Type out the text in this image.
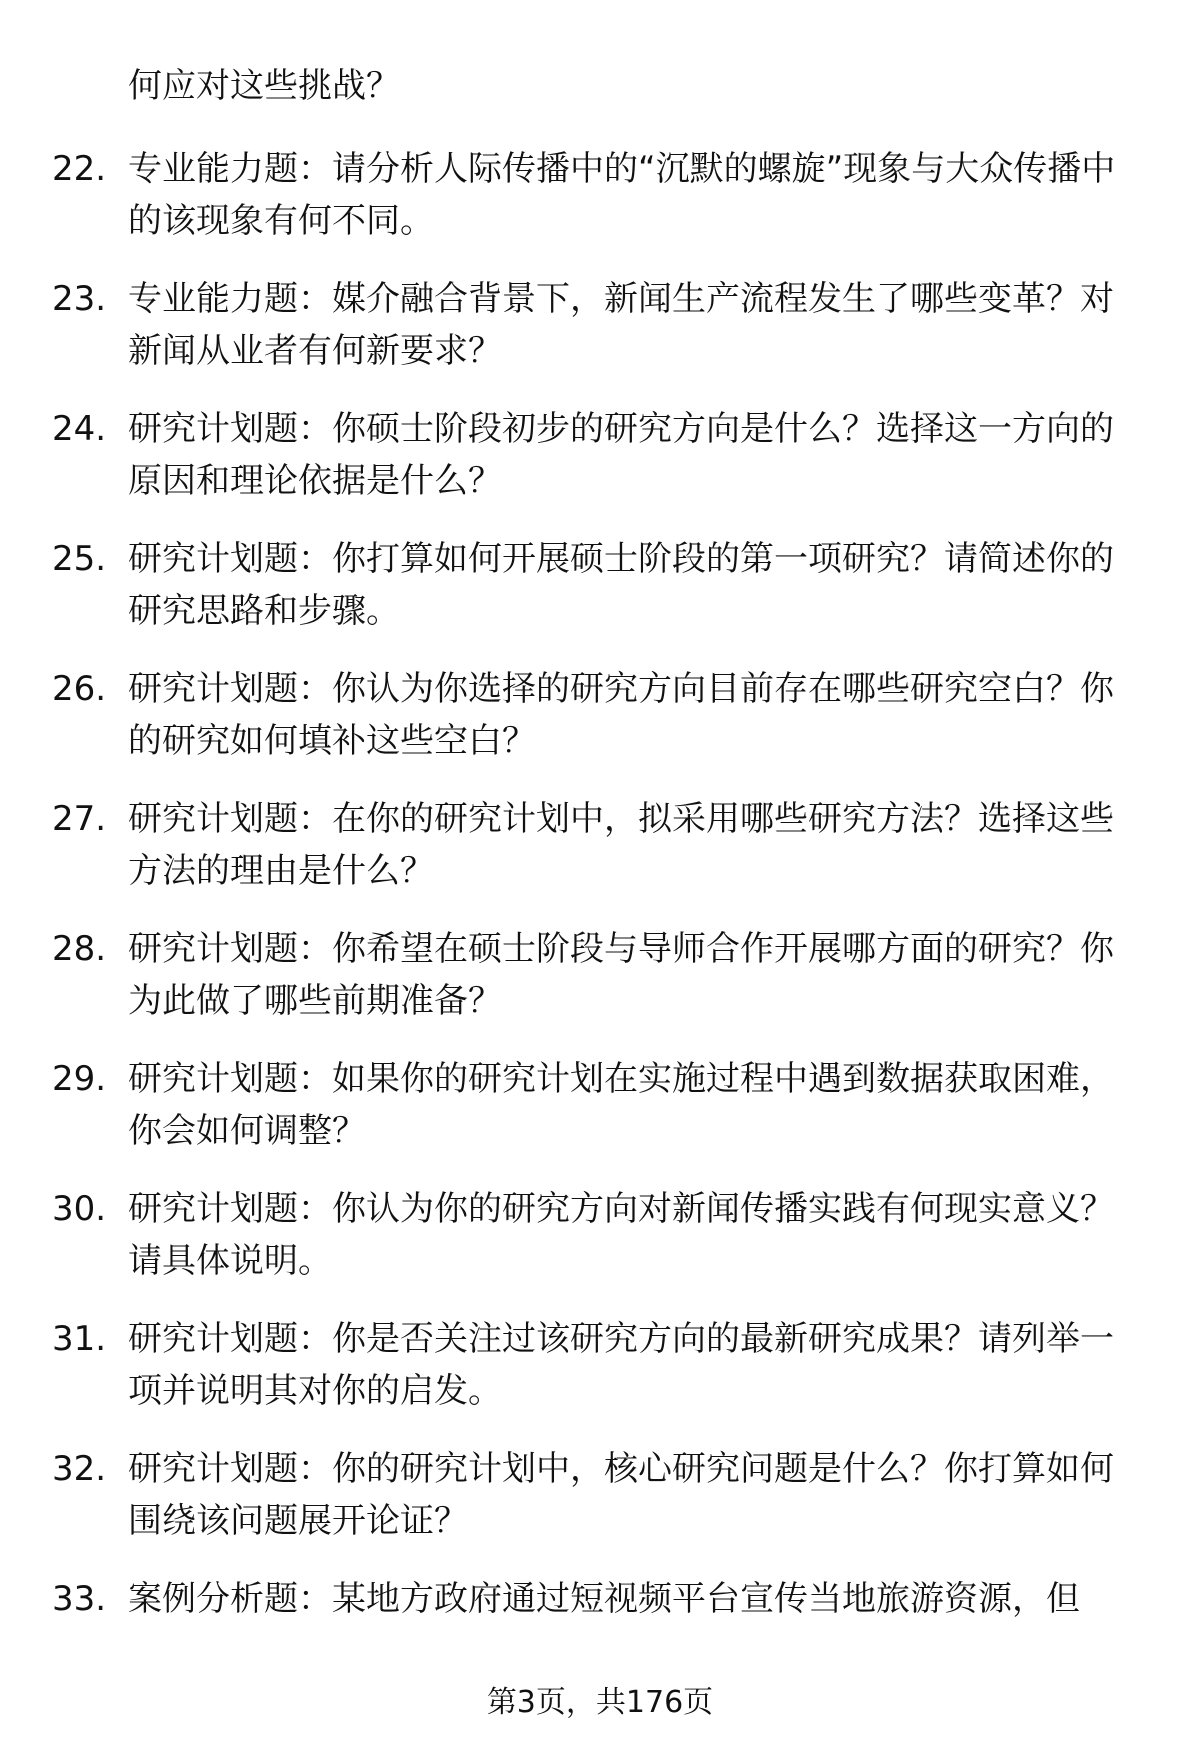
何应对这些挑战？

22. 专业能力题：请分析人际传播中的“沉默的螺旋”现象与大众传播中的该现象有何不同。
23. 专业能力题：媒介融合背景下，新闻生产流程发生了哪些变革？对新闻从业者有何新要求？
24. 研究计划题：你硕士阶段初步的研究方向是什么？选择这一方向的原因和理论依据是什么？
25. 研究计划题：你打算如何开展硕士阶段的第一项研究？请简述你的研究思路和步骤。
26. 研究计划题：你认为你选择的研究方向目前存在哪些研究空白？你的研究如何填补这些空白？
27. 研究计划题：在你的研究计划中，拟采用哪些研究方法？选择这些方法的理由是什么？
28. 研究计划题：你希望在硕士阶段与导师合作开展哪方面的研究？你为此做了哪些前期准备？
29. 研究计划题：如果你的研究计划在实施过程中遇到数据获取困难，你会如何调整？
30. 研究计划题：你认为你的研究方向对新闻传播实践有何现实意义？请具体说明。
31. 研究计划题：你是否关注过该研究方向的最新研究成果？请列举一项并说明其对你的启发。
32. 研究计划题：你的研究计划中，核心研究问题是什么？你打算如何围绕该问题展开论证？
33. 案例分析题：某地方政府通过短视频平台宣传当地旅游资源，但
第3页，共176页
